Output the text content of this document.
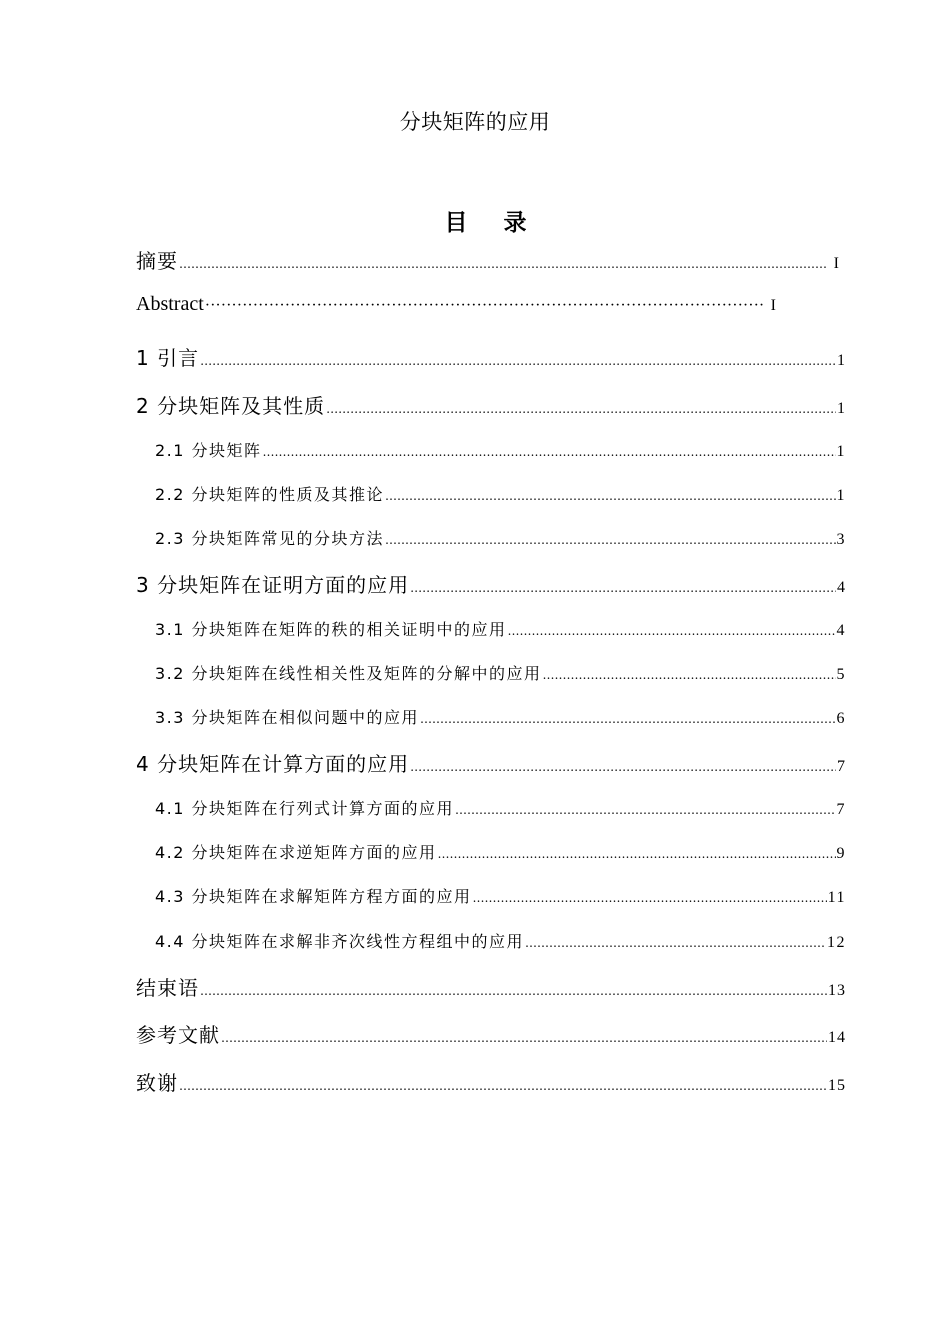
分块矩阵的应用
目 录
摘要 ……………………………………………………………………………………………………………………………………………………………………………………………………	I
Abstract ·····	I
1 引言 ……………………………………………………………………………………………………………………………………………………………………………………………………	1
2 分块矩阵及其性质 ……………………………………………………………………………………………………………………………………………………………………………………………………	1
2.1 分块矩阵 ……………………………………………………………………………………………………………………………………………………………………………………………………	1
2.2 分块矩阵的性质及其推论 ……………………………………………………………………………………………………………………………………………………………………………………………………	1
2.3 分块矩阵常见的分块方法 ……………………………………………………………………………………………………………………………………………………………………………………………………	3
3 分块矩阵在证明方面的应用 ……………………………………………………………………………………………………………………………………………………………………………………………………	4
3.1 分块矩阵在矩阵的秩的相关证明中的应用 ……………………………………………………………………………………………………………………………………………………………………………………………………	4
3.2 分块矩阵在线性相关性及矩阵的分解中的应用 ……………………………………………………………………………………………………………………………………………………………………………………………………	5
3.3 分块矩阵在相似问题中的应用 ……………………………………………………………………………………………………………………………………………………………………………………………………	6
4 分块矩阵在计算方面的应用 ……………………………………………………………………………………………………………………………………………………………………………………………………	7
4.1 分块矩阵在行列式计算方面的应用 ……………………………………………………………………………………………………………………………………………………………………………………………………	7
4.2 分块矩阵在求逆矩阵方面的应用 ……………………………………………………………………………………………………………………………………………………………………………………………………	9
4.3 分块矩阵在求解矩阵方程方面的应用 ……………………………………………………………………………………………………………………………………………………………………………………………………	11
4.4 分块矩阵在求解非齐次线性方程组中的应用 ……………………………………………………………………………………………………………………………………………………………………………………………………	12
结束语 ……………………………………………………………………………………………………………………………………………………………………………………………………	13
参考文献 ……………………………………………………………………………………………………………………………………………………………………………………………………	14
致谢 ……………………………………………………………………………………………………………………………………………………………………………………………………	15
